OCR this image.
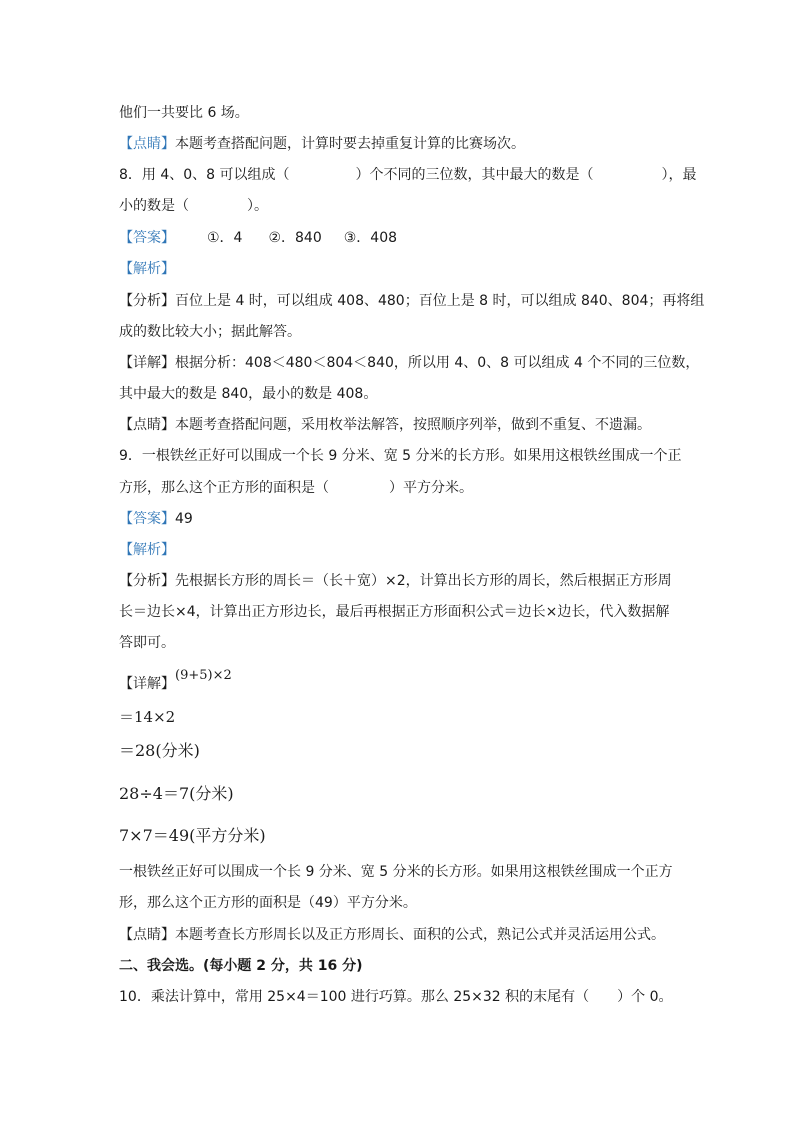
他们一共要比 6 场。
【点睛】本题考查搭配问题，计算时要去掉重复计算的比赛场次。
8．用 4、0、8 可以组成（	）个不同的三位数，其中最大的数是（	），最
小的数是（	）。
【答案】 ①．4 ②．840 ③．408
【解析】
【分析】百位上是 4 时，可以组成 408、480；百位上是 8 时，可以组成 840、804；再将组
成的数比较大小；据此解答。
【详解】根据分析：408＜480＜804＜840，所以用 4、0、8 可以组成 4 个不同的三位数，
其中最大的数是 840，最小的数是 408。
【点睛】本题考查搭配问题，采用枚举法解答，按照顺序列举，做到不重复、不遗漏。
9．一根铁丝正好可以围成一个长 9 分米、宽 5 分米的长方形。如果用这根铁丝围成一个正
方形，那么这个正方形的面积是（	）平方分米。
【答案】49
【解析】
【分析】先根据长方形的周长＝（长＋宽）×2，计算出长方形的周长，然后根据正方形周
长＝边长×4，计算出正方形边长，最后再根据正方形面积公式＝边长×边长，代入数据解
答即可。
【详解】(9+5)×2
＝14×2
＝28(分米)
28÷4＝7(分米)
7×7＝49(平方分米)
一根铁丝正好可以围成一个长 9 分米、宽 5 分米的长方形。如果用这根铁丝围成一个正方
形，那么这个正方形的面积是（49）平方分米。
【点睛】本题考查长方形周长以及正方形周长、面积的公式，熟记公式并灵活运用公式。
二、我会选。(每小题 2 分，共 16 分)
10．乘法计算中，常用 25×4＝100 进行巧算。那么 25×32 积的末尾有（　　）个 0。
